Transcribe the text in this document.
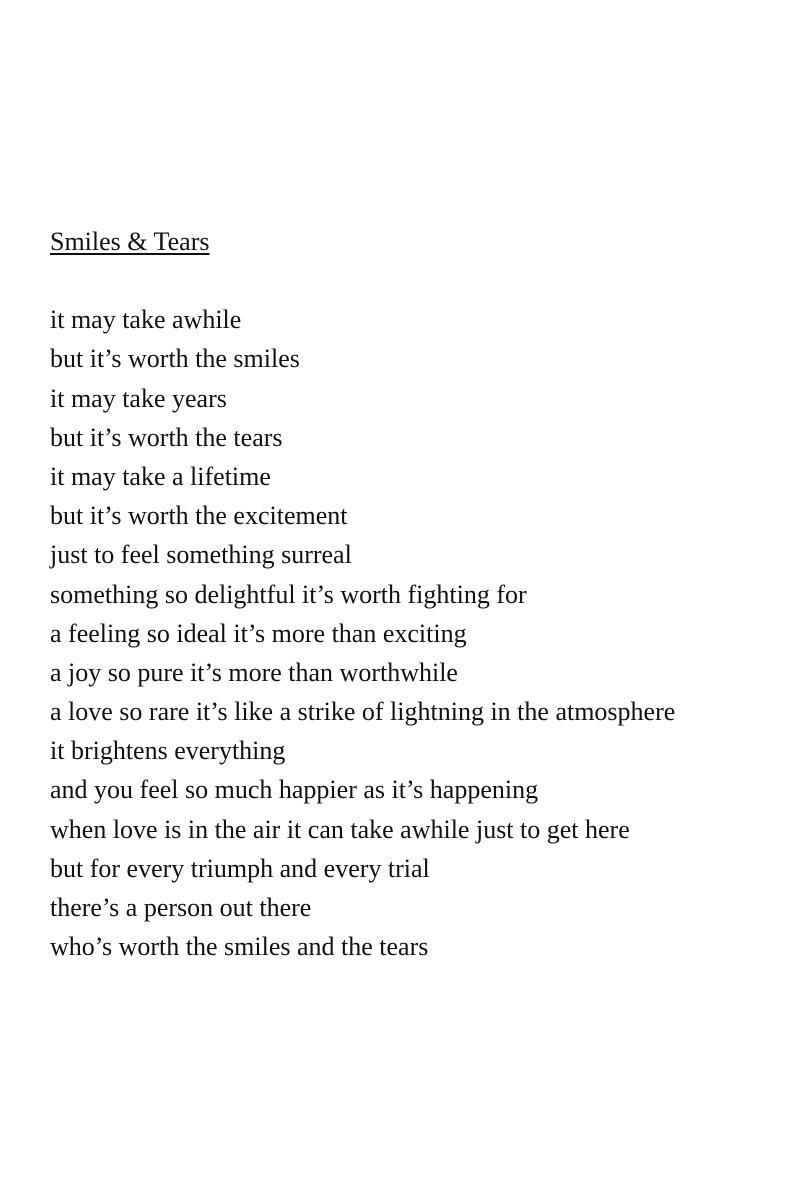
Smiles & Tears
it may take awhile
but it’s worth the smiles
it may take years
but it’s worth the tears
it may take a lifetime
but it’s worth the excitement
just to feel something surreal
something so delightful it’s worth fighting for
a feeling so ideal it’s more than exciting
a joy so pure it’s more than worthwhile
a love so rare it’s like a strike of lightning in the atmosphere
it brightens everything
and you feel so much happier as it’s happening
when love is in the air it can take awhile just to get here
but for every triumph and every trial
there’s a person out there
who’s worth the smiles and the tears
